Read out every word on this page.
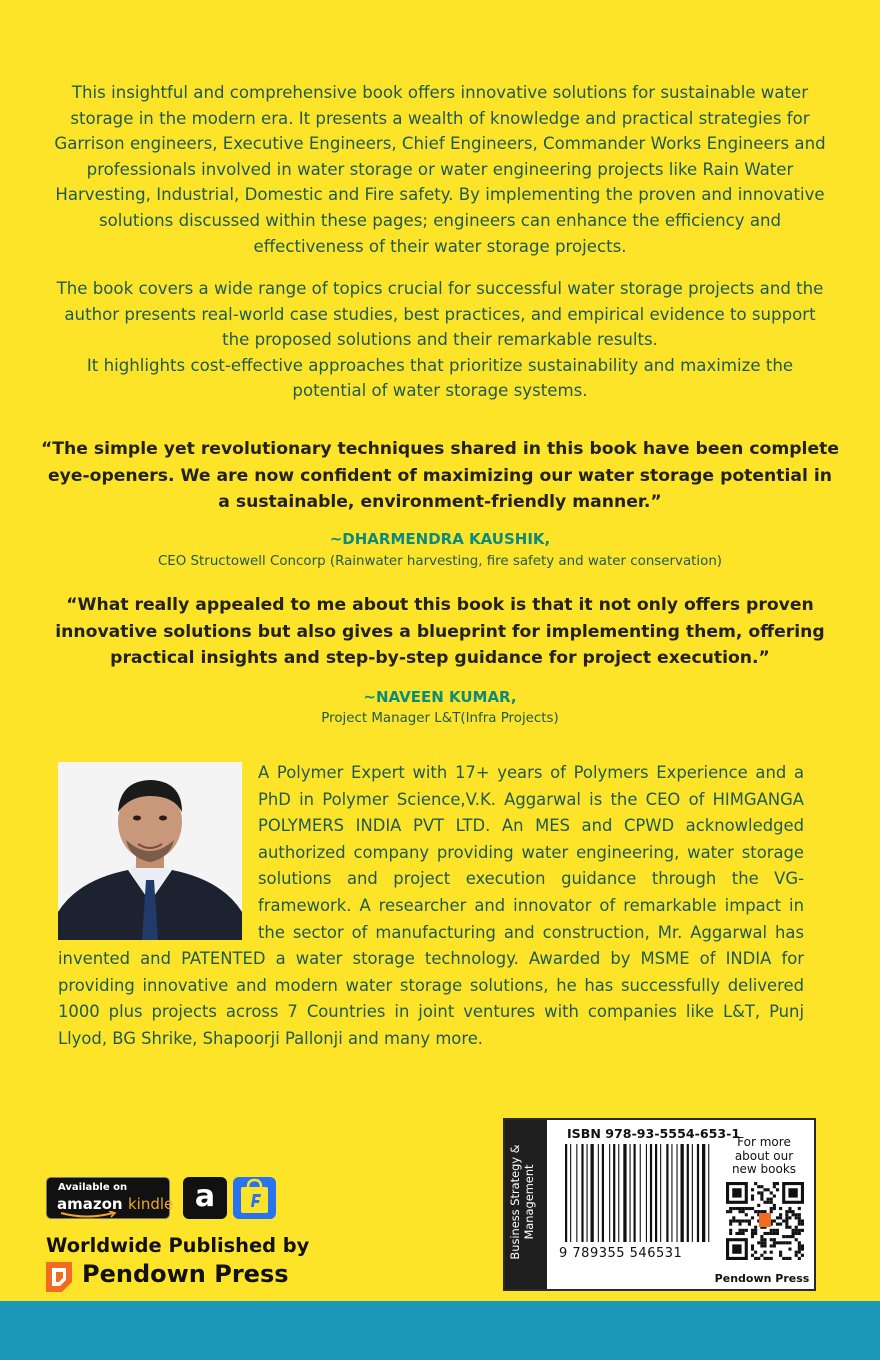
This insightful and comprehensive book offers innovative solutions for sustainable water storage in the modern era. It presents a wealth of knowledge and practical strategies for Garrison engineers, Executive Engineers, Chief Engineers, Commander Works Engineers and professionals involved in water storage or water engineering projects like Rain Water Harvesting, Industrial, Domestic and Fire safety. By implementing the proven and innovative solutions discussed within these pages; engineers can enhance the efficiency and effectiveness of their water storage projects.

The book covers a wide range of topics crucial for successful water storage projects and the author presents real-world case studies, best practices, and empirical evidence to support the proposed solutions and their remarkable results.
It highlights cost-effective approaches that prioritize sustainability and maximize the potential of water storage systems.

“The simple yet revolutionary techniques shared in this book have been complete eye-openers. We are now confident of maximizing our water storage potential in a sustainable, environment-friendly manner.”

~DHARMENDRA KAUSHIK,

CEO Structowell Concorp (Rainwater harvesting, fire safety and water conservation)

“What really appealed to me about this book is that it not only offers proven innovative solutions but also gives a blueprint for implementing them, offering practical insights and step-by-step guidance for project execution.”

~NAVEEN KUMAR,

Project Manager L&T(Infra Projects)

A Polymer Expert with 17+ years of Polymers Experience and a PhD in Polymer Science,V.K. Aggarwal is the CEO of HIMGANGA POLYMERS INDIA PVT LTD. An MES and CPWD acknowledged authorized company providing water engineering, water storage solutions and project execution guidance through the VG-framework. A researcher and innovator of remarkable impact in the sector of manufacturing and construction, Mr. Aggarwal has invented and PATENTED a water storage technology. Awarded by MSME of INDIA for providing innovative and modern water storage solutions, he has successfully delivered 1000 plus projects across 7 Countries in joint ventures with companies like L&T, Punj Llyod, BG Shrike, Shapoorji Pallonji and many more.
Business Strategy & Management
ISBN 978-93-5554-653-1
9 789355 546531
For more about our new books
Pendown Press
Available on
amazon kindle a
Worldwide Published by
Pendown Press
